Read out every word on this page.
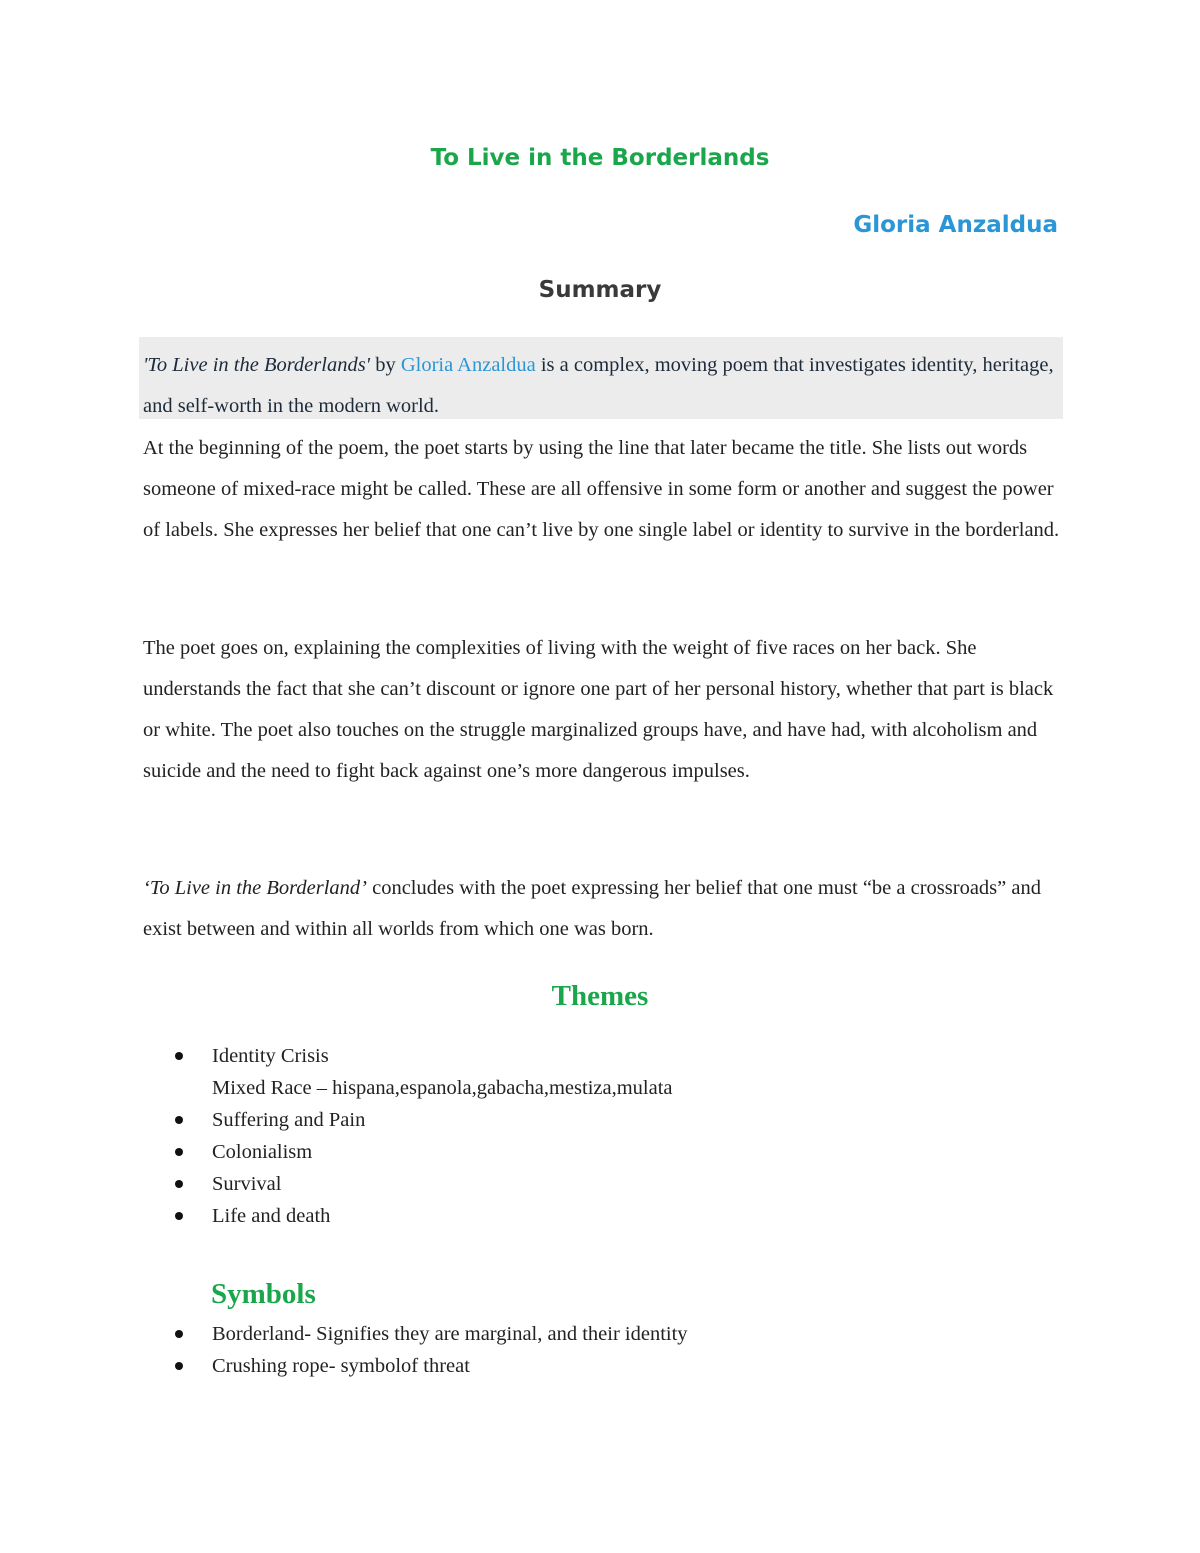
To Live in the Borderlands
Gloria Anzaldua
Summary

'To Live in the Borderlands' by Gloria Anzaldua is a complex, moving poem that investigates identity, heritage, and self-worth in the modern world.

At the beginning of the poem, the poet starts by using the line that later became the title. She lists out words someone of mixed-race might be called. These are all offensive in some form or another and suggest the power of labels. She expresses her belief that one can’t live by one single label or identity to survive in the borderland.

The poet goes on, explaining the complexities of living with the weight of five races on her back. She understands the fact that she can’t discount or ignore one part of her personal history, whether that part is black or white. The poet also touches on the struggle marginalized groups have, and have had, with alcoholism and suicide and the need to fight back against one’s more dangerous impulses.

‘To Live in the Borderland’ concludes with the poet expressing her belief that one must “be a crossroads” and exist between and within all worlds from which one was born.

Themes
Identity Crisis
Mixed Race – hispana,espanola,gabacha,mestiza,mulata
Suffering and Pain
Colonialism
Survival
Life and death
Symbols
Borderland- Signifies they are marginal, and their identity
Crushing rope- symbolof threat
